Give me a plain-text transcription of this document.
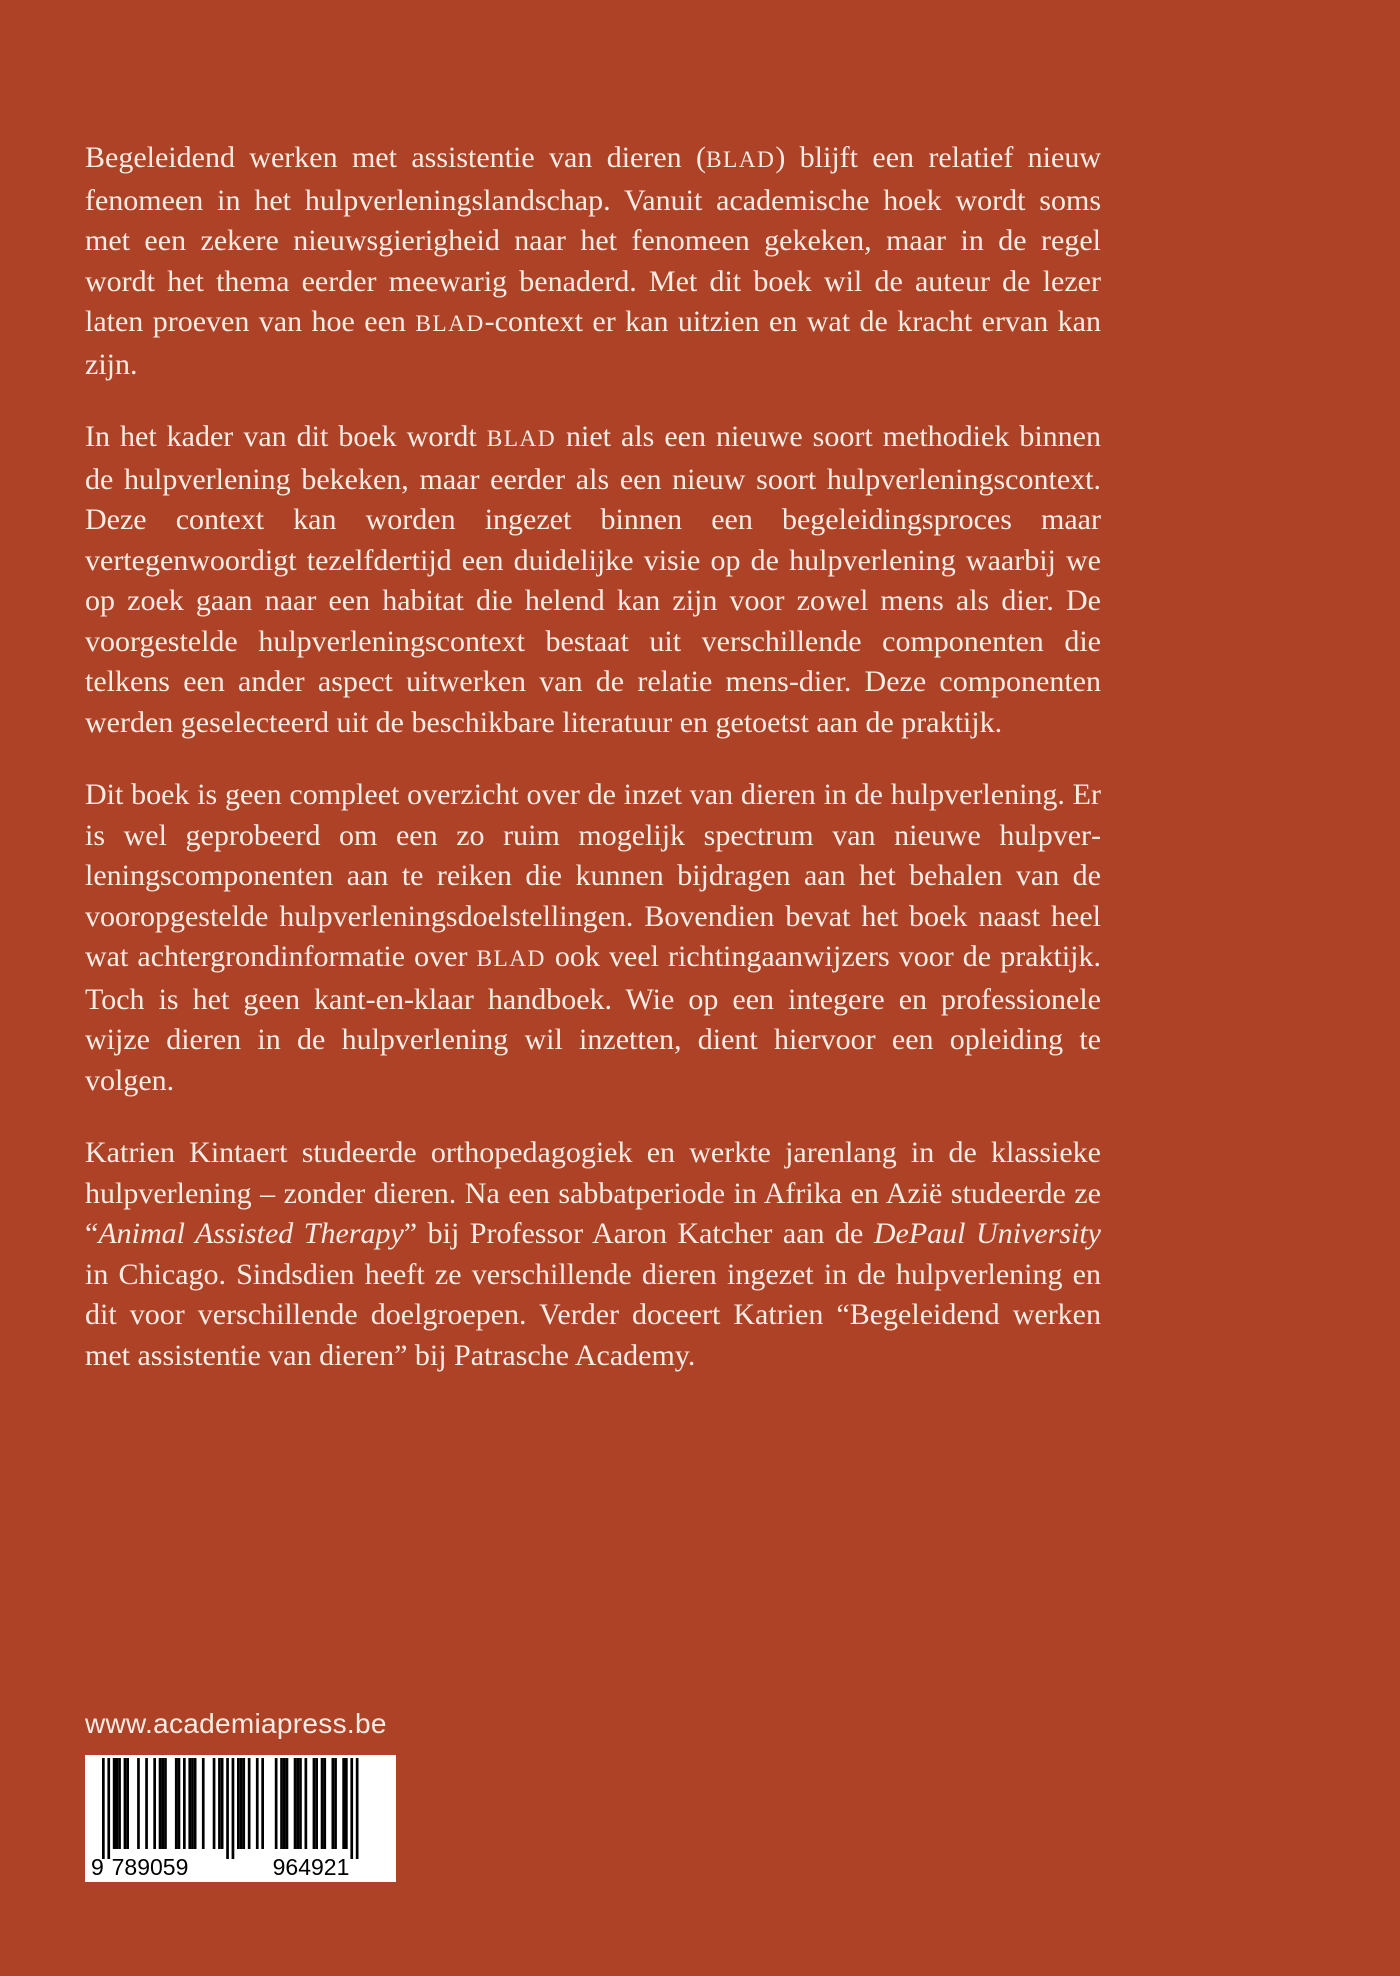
Begeleidend werken met assistentie van dieren (BLAD) blijft een relatief nieuw fenomeen in het hulpverleningslandschap. Vanuit academische hoek wordt soms met een zekere nieuwsgierigheid naar het fenomeen gekeken, maar in de regel wordt het thema eerder meewarig benaderd. Met dit boek wil de auteur de lezer laten proeven van hoe een BLAD-context er kan uitzien en wat de kracht ervan kan zijn.

In het kader van dit boek wordt BLAD niet als een nieuwe soort methodiek binnen de hulpverlening bekeken, maar eerder als een nieuw soort hulpverleningscontext. Deze context kan worden ingezet binnen een begeleidingsproces maar vertegenwoordigt tezelfdertijd een duidelijke visie op de hulpverlening waarbij we op zoek gaan naar een habitat die helend kan zijn voor zowel mens als dier. De voorgestelde hulpverleningscontext bestaat uit verschillende componenten die telkens een ander aspect uitwerken van de relatie mens-dier. Deze componenten werden geselecteerd uit de beschikbare literatuur en getoetst aan de praktijk.

Dit boek is geen compleet overzicht over de inzet van dieren in de hulpverlening. Er is wel geprobeerd om een zo ruim mogelijk spectrum van nieuwe hulpverleningscomponenten aan te reiken die kunnen bijdragen aan het behalen van de vooropgestelde hulpverleningsdoelstellingen. Bovendien bevat het boek naast heel wat achtergrondinformatie over BLAD ook veel richtingaanwijzers voor de praktijk. Toch is het geen kant-en-klaar handboek. Wie op een integere en professionele wijze dieren in de hulpverlening wil inzetten, dient hiervoor een opleiding te volgen.

Katrien Kintaert studeerde orthopedagogiek en werkte jarenlang in de klassieke hulpverlening – zonder dieren. Na een sabbatperiode in Afrika en Azië studeerde ze “Animal Assisted Therapy” bij Professor Aaron Katcher aan de DePaul University in Chicago. Sindsdien heeft ze verschillende dieren ingezet in de hulpverlening en dit voor verschillende doelgroepen. Verder doceert Katrien “Begeleidend werken met assistentie van dieren” bij Patrasche Academy.

www.academiapress.be
9 789059	964921
